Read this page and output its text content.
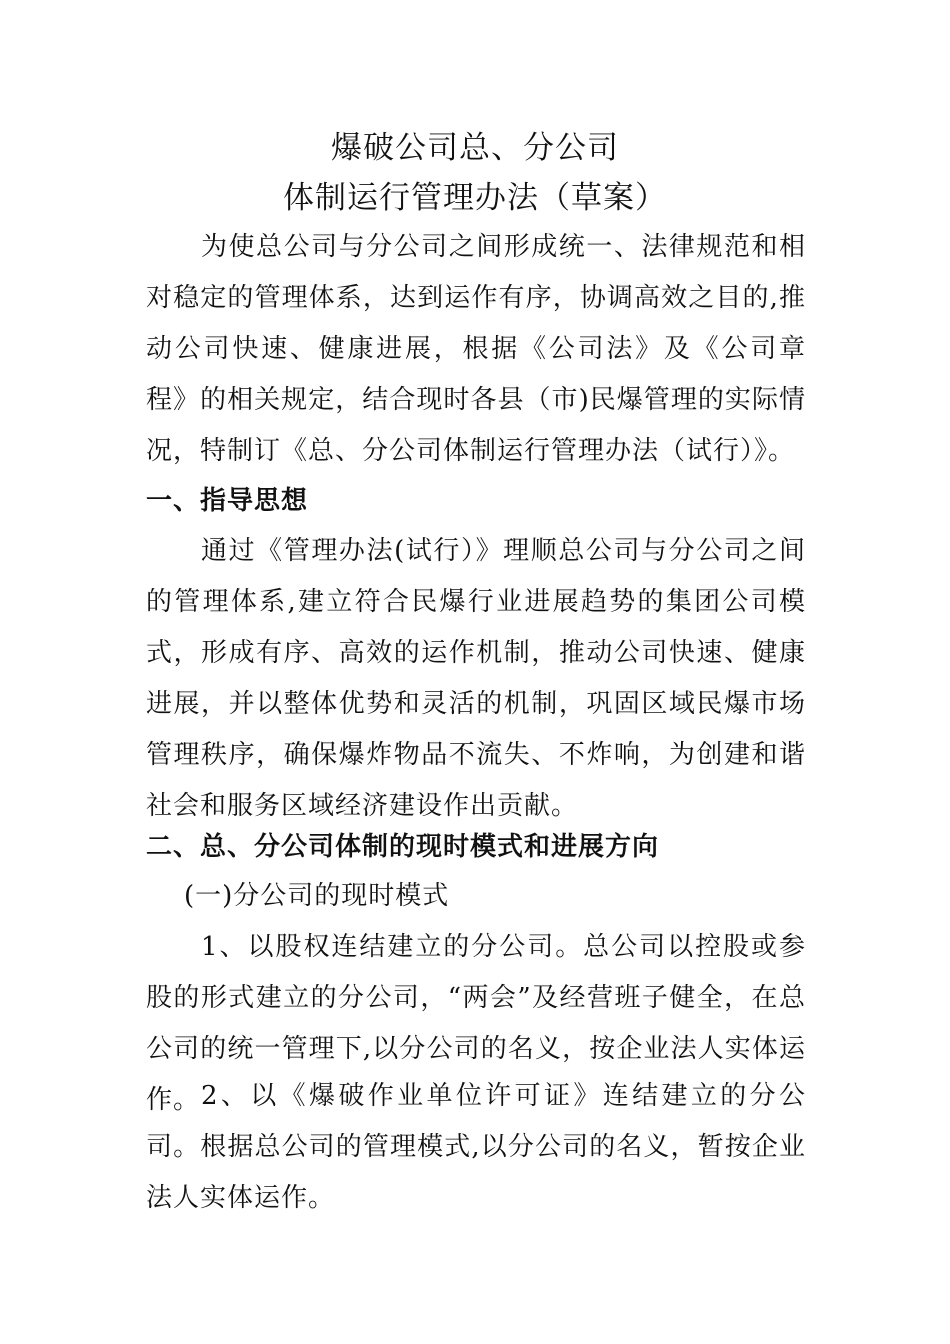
爆破公司总、分公司
体制运行管理办法（草案）

为使总公司与分公司之间形成统一、法律规范和相对稳定的管理体系，达到运作有序，协调高效之目的,推动公司快速、健康进展，根据《公司法》及《公司章程》的相关规定，结合现时各县（市)民爆管理的实际情况，特制订《总、分公司体制运行管理办法（试行）》。

一、指导思想

通过《管理办法(试行）》理顺总公司与分公司之间的管理体系,建立符合民爆行业进展趋势的集团公司模式，形成有序、高效的运作机制，推动公司快速、健康进展，并以整体优势和灵活的机制，巩固区域民爆市场管理秩序，确保爆炸物品不流失、不炸响，为创建和谐社会和服务区域经济建设作出贡献。

二、总、分公司体制的现时模式和进展方向
(一)分公司的现时模式

1、以股权连结建立的分公司。总公司以控股或参股的形式建立的分公司，“两会”及经营班子健全，在总公司的统一管理下,以分公司的名义，按企业法人实体运作。 2、以《爆破作业单位许可证》连结建立的分公司。根据总公司的管理模式,以分公司的名义，暂按企业法人实体运作。
